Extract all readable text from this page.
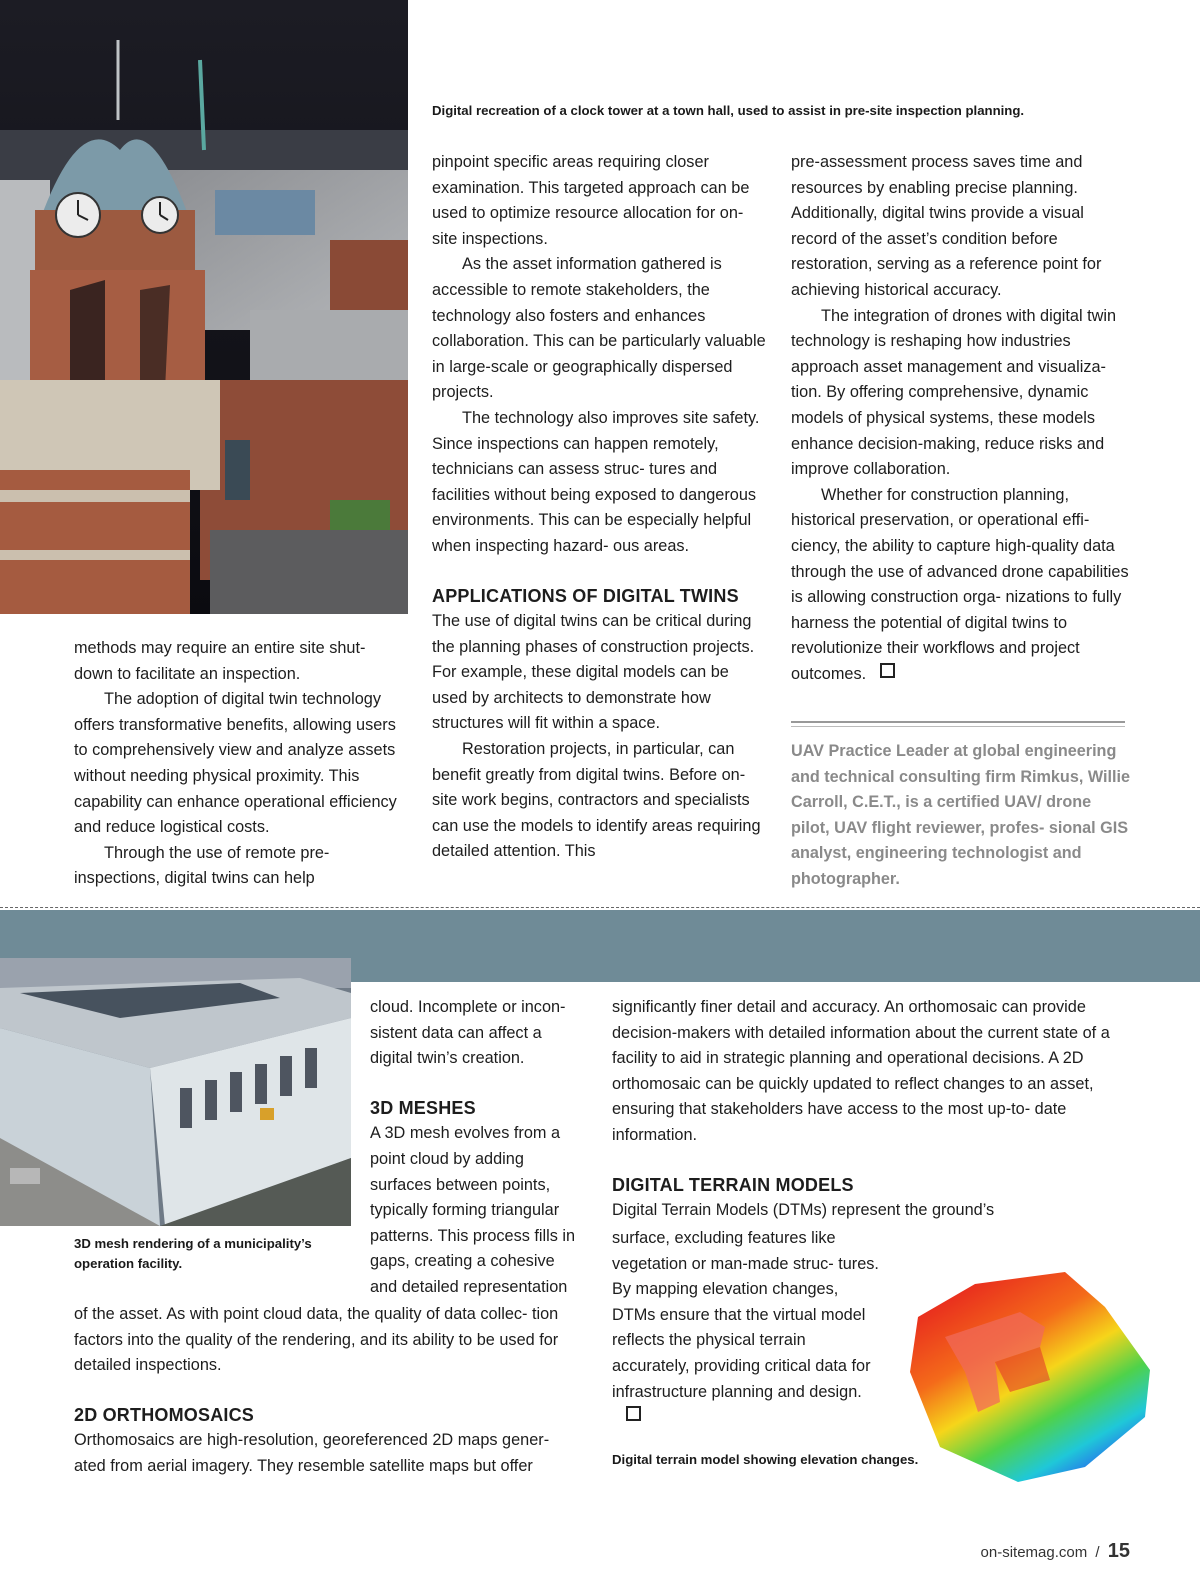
Digital recreation of a clock tower at a town hall, used to assist in pre-site inspection planning.

methods may require an entire site shut- down to facilitate an inspection.

The adoption of digital twin technology offers transformative benefits, allowing users to comprehensively view and analyze assets without needing physical proximity. This capability can enhance operational efficiency and reduce logistical costs.

Through the use of remote pre- inspections, digital twins can help

pinpoint specific areas requiring closer examination. This targeted approach can be used to optimize resource allocation for on-site inspections.

As the asset information gathered is accessible to remote stakeholders, the technology also fosters and enhances collaboration. This can be particularly valuable in large-scale or geographically dispersed projects.

The technology also improves site safety. Since inspections can happen remotely, technicians can assess struc- tures and facilities without being exposed to dangerous environments. This can be especially helpful when inspecting hazard- ous areas.

APPLICATIONS OF DIGITAL TWINS

The use of digital twins can be critical during the planning phases of construction projects. For example, these digital models can be used by architects to demonstrate how structures will fit within a space.

Restoration projects, in particular, can benefit greatly from digital twins. Before on-site work begins, contractors and specialists can use the models to identify areas requiring detailed attention. This

pre-assessment process saves time and resources by enabling precise planning. Additionally, digital twins provide a visual record of the asset’s condition before restoration, serving as a reference point for achieving historical accuracy.

The integration of drones with digital twin technology is reshaping how industries approach asset management and visualiza- tion. By offering comprehensive, dynamic models of physical systems, these models enhance decision-making, reduce risks and improve collaboration.

Whether for construction planning, historical preservation, or operational effi- ciency, the ability to capture high-quality data through the use of advanced drone capabilities is allowing construction orga- nizations to fully harness the potential of digital twins to revolutionize their workflows and project outcomes.

UAV Practice Leader at global engineering and technical consulting firm Rimkus, Willie Carroll, C.E.T., is a certified UAV/ drone pilot, UAV flight reviewer, profes- sional GIS analyst, engineering technologist and photographer.
3D mesh rendering of a municipality’s operation facility.

cloud. Incomplete or incon- sistent data can affect a digital twin’s creation.

3D MESHES

A 3D mesh evolves from a point cloud by adding surfaces between points, typically forming triangular patterns. This process fills in gaps, creating a cohesive and detailed representation

of the asset. As with point cloud data, the quality of data collec- tion factors into the quality of the rendering, and its ability to be used for detailed inspections.

2D ORTHOMOSAICS

Orthomosaics are high-resolution, georeferenced 2D maps gener- ated from aerial imagery. They resemble satellite maps but offer

significantly finer detail and accuracy. An orthomosaic can provide decision-makers with detailed information about the current state of a facility to aid in strategic planning and operational decisions. A 2D orthomosaic can be quickly updated to reflect changes to an asset, ensuring that stakeholders have access to the most up-to- date information.

DIGITAL TERRAIN MODELS

Digital Terrain Models (DTMs) represent the ground’s

surface, excluding features like vegetation or man-made struc- tures. By mapping elevation changes, DTMs ensure that the virtual model reflects the physical terrain accurately, providing critical data for infrastructure planning and design.

Digital terrain model showing elevation changes.
on-sitemag.com / 15
